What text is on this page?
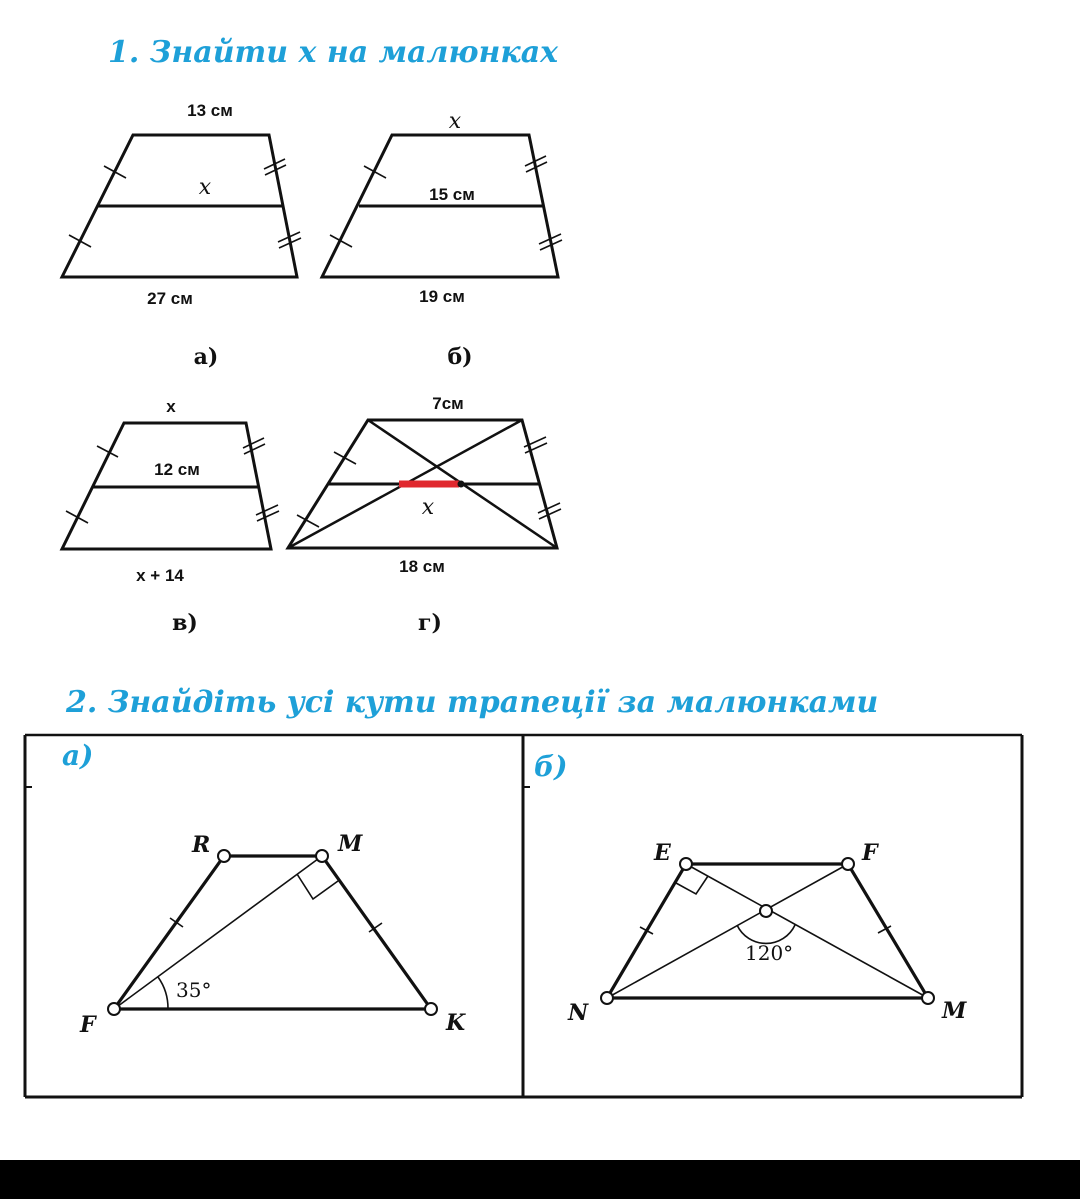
1. Знайти x на малюнках
13 см
x
27 см
а)
x
15 см
19 см
б)
x
12 см
x + 14
в)
7см
x
18 см
г)
2. Знайдіть усі кути трапеції за малюнками
а)	б)
R	M
F	K
35°
E	F
N	M
120°
